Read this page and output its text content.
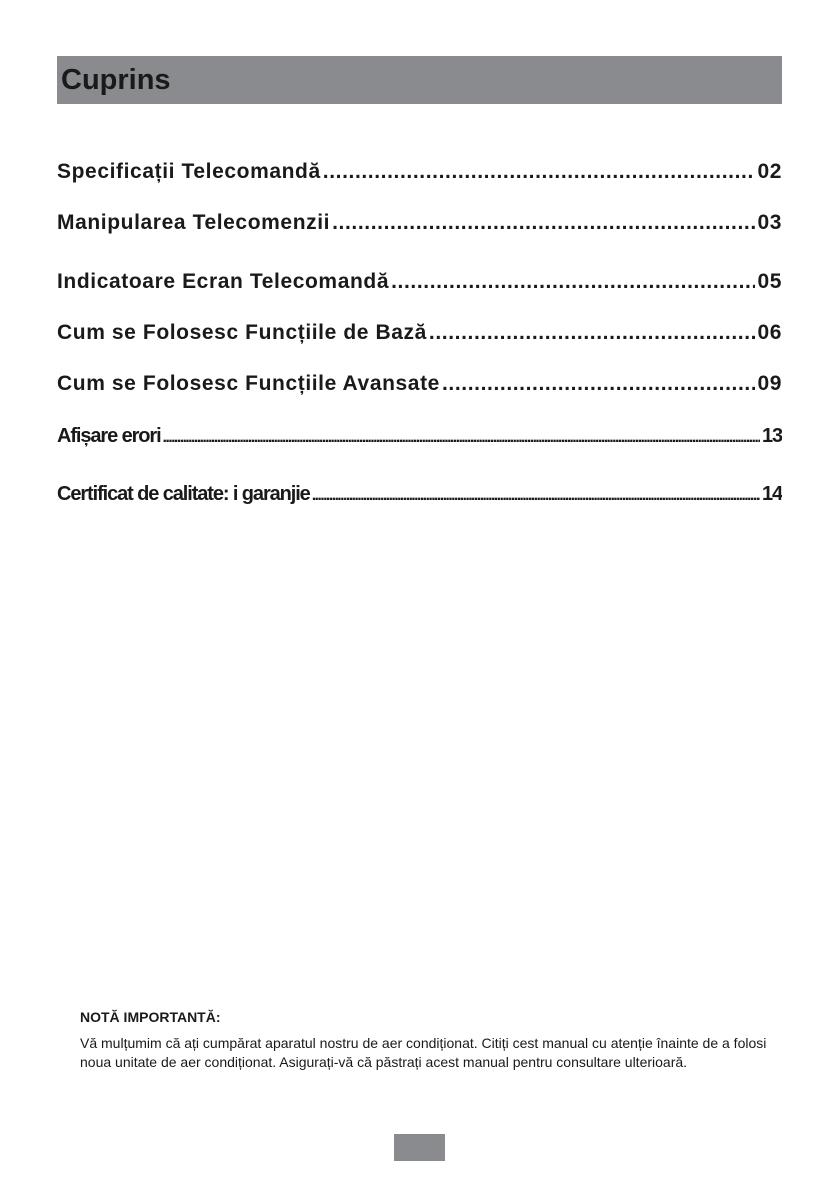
Cuprins
Specificații Telecomandă .....	02
Manipularea Telecomenzii .....	03
Indicatoare Ecran Telecomandă .....	05
Cum se Folosesc Funcțiile de Bază .....	06
Cum se Folosesc Funcțiile Avansate .....	09
Afișare erori .....	13
Certificat de calitate: i garanjie .....	14

NOTĂ IMPORTANTĂ:

Vă mulțumim că ați cumpărat aparatul nostru de aer condiționat. Citiți cest manual cu atenție înainte de a folosi noua unitate de aer condiționat. Asigurați-vă că păstrați acest manual pentru consultare ulterioară.
